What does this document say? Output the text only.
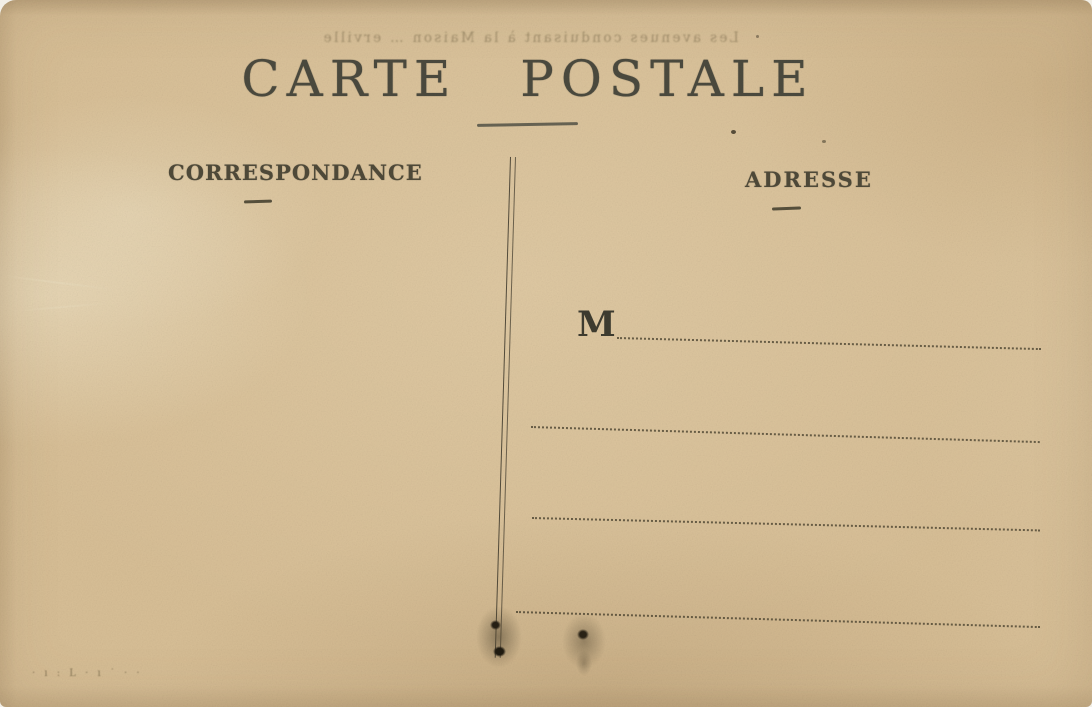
Les avenues conduisant à la Maison … erville
CARTE POSTALE
CORRESPONDANCE	ADRESSE
M
· ı : L · ı ˙ · ·
